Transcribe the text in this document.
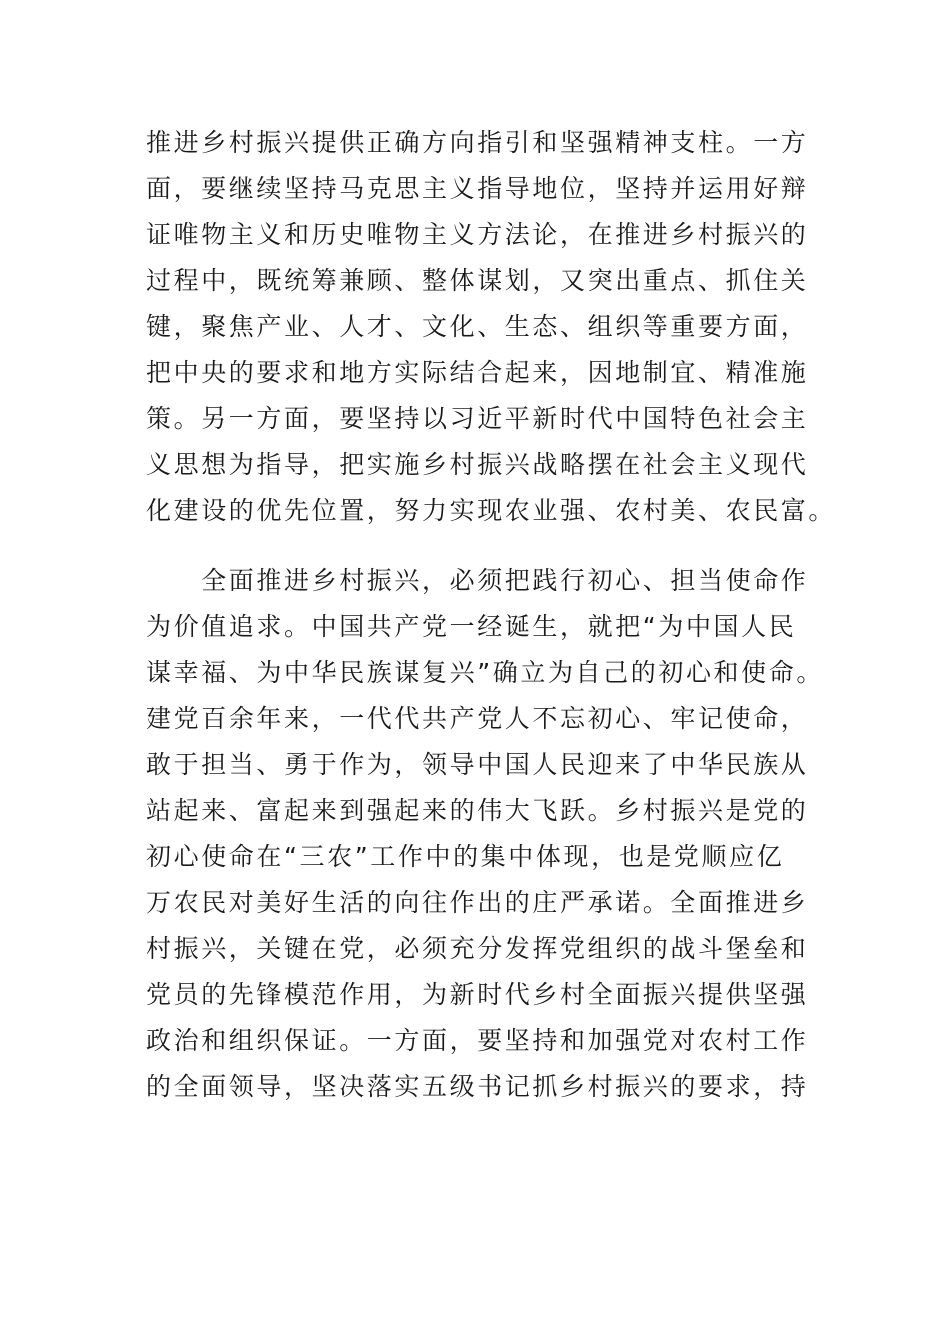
推进乡村振兴提供正确方向指引和坚强精神支柱。一方
面，要继续坚持马克思主义指导地位，坚持并运用好辩
证唯物主义和历史唯物主义方法论，在推进乡村振兴的
过程中，既统筹兼顾、整体谋划，又突出重点、抓住关
键，聚焦产业、人才、文化、生态、组织等重要方面，
把中央的要求和地方实际结合起来，因地制宜、精准施
策。另一方面，要坚持以习近平新时代中国特色社会主
义思想为指导，把实施乡村振兴战略摆在社会主义现代
化建设的优先位置，努力实现农业强、农村美、农民富。

　　全面推进乡村振兴，必须把践行初心、担当使命作
为价值追求。中国共产党一经诞生，就把“为中国人民
谋幸福、为中华民族谋复兴”确立为自己的初心和使命。
建党百余年来，一代代共产党人不忘初心、牢记使命，
敢于担当、勇于作为，领导中国人民迎来了中华民族从
站起来、富起来到强起来的伟大飞跃。乡村振兴是党的
初心使命在“三农”工作中的集中体现，也是党顺应亿
万农民对美好生活的向往作出的庄严承诺。全面推进乡
村振兴，关键在党，必须充分发挥党组织的战斗堡垒和
党员的先锋模范作用，为新时代乡村全面振兴提供坚强
政治和组织保证。一方面，要坚持和加强党对农村工作
的全面领导，坚决落实五级书记抓乡村振兴的要求，持
